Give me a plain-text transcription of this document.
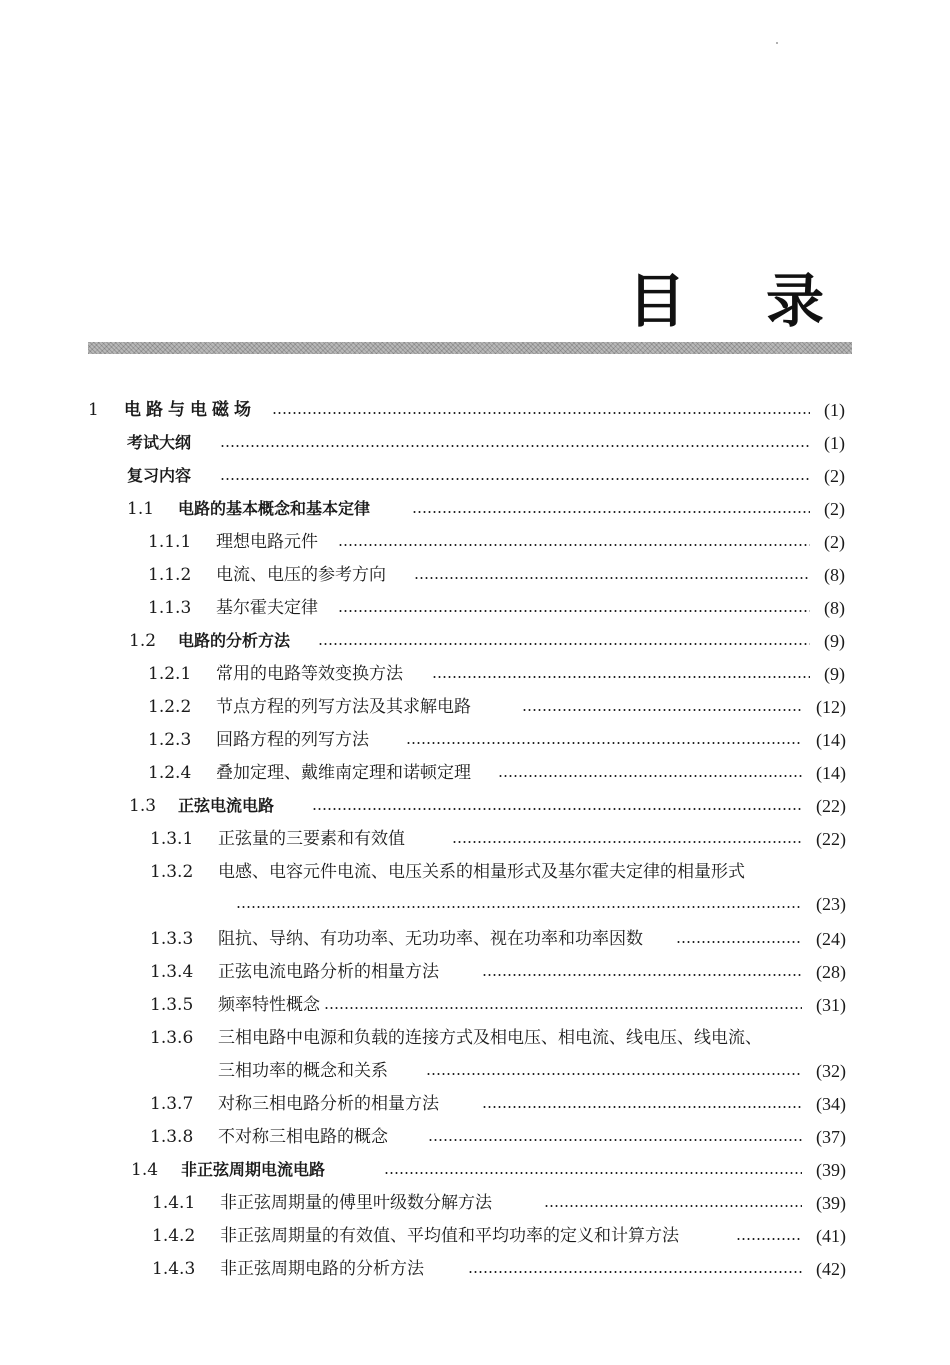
目 录
1 电路与电磁场	(1)
考试大纲	(1)
复习内容	(2)
1.1 电路的基本概念和基本定律	(2)
1.1.1 理想电路元件	(2)
1.1.2 电流、电压的参考方向	(8)
1.1.3 基尔霍夫定律	(8)
1.2 电路的分析方法	(9)
1.2.1 常用的电路等效变换方法	(9)
1.2.2 节点方程的列写方法及其求解电路	(12)
1.2.3 回路方程的列写方法	(14)
1.2.4 叠加定理、戴维南定理和诺顿定理	(14)
1.3 正弦电流电路	(22)
1.3.1 正弦量的三要素和有效值	(22)
1.3.2 电感、电容元件电流、电压关系的相量形式及基尔霍夫定律的相量形式
(23)
1.3.3 阻抗、导纳、有功功率、无功功率、视在功率和功率因数	(24)
1.3.4 正弦电流电路分析的相量方法	(28)
1.3.5 频率特性概念	(31)
1.3.6 三相电路中电源和负载的连接方式及相电压、相电流、线电压、线电流、
三相功率的概念和关系	(32)
1.3.7 对称三相电路分析的相量方法	(34)
1.3.8 不对称三相电路的概念	(37)
1.4 非正弦周期电流电路	(39)
1.4.1 非正弦周期量的傅里叶级数分解方法	(39)
1.4.2 非正弦周期量的有效值、平均值和平均功率的定义和计算方法	(41)
1.4.3 非正弦周期电路的分析方法	(42)
